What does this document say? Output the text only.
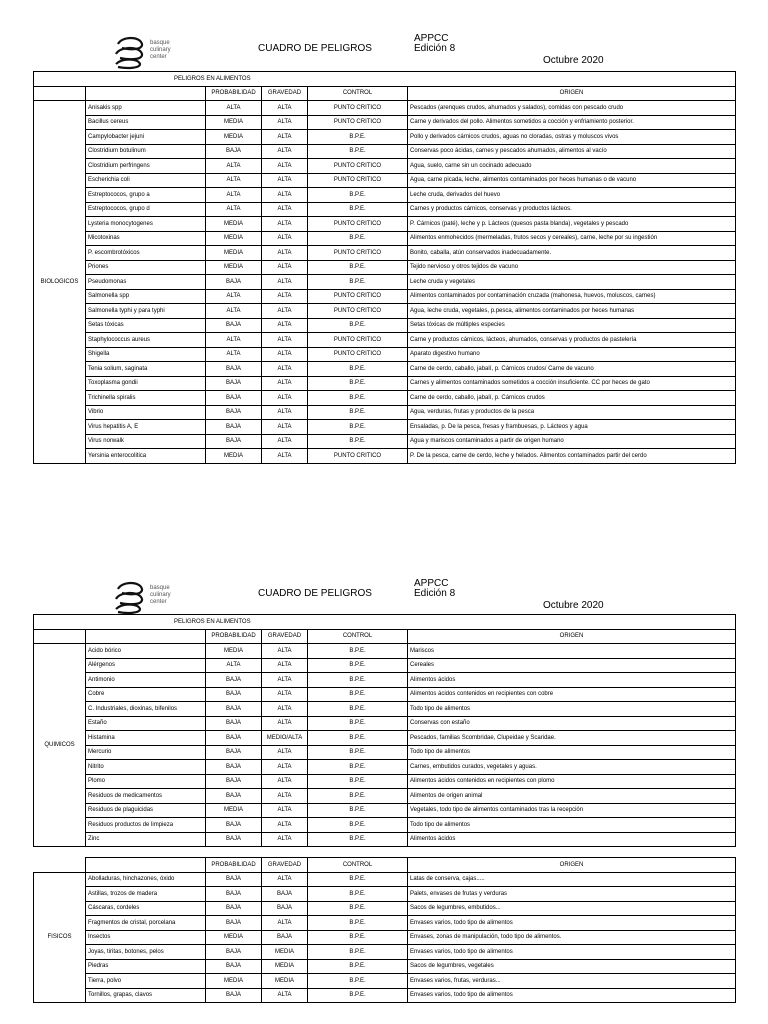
basque
culinary
center
CUADRO DE PELIGROS
APPCC
Edición 8
Octubre 2020
PELIGROS EN ALIMENTOS					
		PROBABILIDAD	GRAVEDAD	CONTROL	ORIGEN
BIOLOGICOS	Anisakis spp	ALTA	ALTA	PUNTO CRITICO	Pescados (arenques crudos, ahumados y salados), comidas con pescado crudo
	Bacillus cereus	MEDIA	ALTA	PUNTO CRITICO	Carne y derivados del pollo. Alimentos sometidos a cocción y enfriamiento posterior.
	Campylobacter jejuni	MEDIA	ALTA	B.P.E.	Pollo y derivados cárnicos crudos, aguas no cloradas, ostras y moluscos vivos
	Clostridium botulinum	BAJA	ALTA	B.P.E.	Conservas poco ácidas, carnes y pescados ahumados, alimentos al vacío
	Clostridium perfringens	ALTA	ALTA	PUNTO CRITICO	Agua, suelo, carne sin un cocinado adecuado
	Escherichia coli	ALTA	ALTA	PUNTO CRITICO	Agua, carne picada, leche, alimentos contaminados por heces humanas o de vacuno
	Estreptococos, grupo a	ALTA	ALTA	B.P.E.	Leche cruda, derivados del huevo
	Estreptococos, grupo d	ALTA	ALTA	B.P.E.	Carnes y productos cárnicos, conservas y productos lácteos.
	Lysteria monocytogenes	MEDIA	ALTA	PUNTO CRITICO	P. Cárnicos (paté), leche y p. Lácteos (quesos pasta blanda), vegetales y pescado
	Micotoxinas	MEDIA	ALTA	B.P.E.	Alimentos enmohecidos (mermeladas, frutos secos y cereales), carne, leche por su ingestión
	P. escombrotóxicos	MEDIA	ALTA	PUNTO CRITICO	Bonito, caballa, atún conservados inadecuadamente.
	Priones	MEDIA	ALTA	B.P.E.	Tejido nervioso y otros tejidos de vacuno
	Pseudomonas	BAJA	ALTA	B.P.E.	Leche cruda y vegetales
	Salmonella spp	ALTA	ALTA	PUNTO CRITICO	Alimentos contaminados por contaminación cruzada (mahonesa, huevos, moluscos, carnes)
	Salmonella typhi y para typhi	ALTA	ALTA	PUNTO CRITICO	Agua, leche cruda, vegetales, p.pesca, alimentos contaminados por heces humanas
	Setas tóxicas	BAJA	ALTA	B.P.E.	Setas tóxicas de múltiples especies
	Staphylococcus aureus	ALTA	ALTA	PUNTO CRITICO	Carne y productos cárnicos, lácteos, ahumados, conservas y productos de pastelería
	Shigella	ALTA	ALTA	PUNTO CRITICO	Aparato digestivo humano
	Tenia solium, saginata	BAJA	ALTA	B.P.E.	Carne de cerdo, caballo, jabalí, p. Cárnicos crudos/ Carne de vacuno
	Toxoplasma gondii	BAJA	ALTA	B.P.E.	Carnes y alimentos contaminados sometidos a cocción insuficiente. CC por heces de gato
	Trichinella spiralis	BAJA	ALTA	B.P.E.	Carne de cerdo, caballo, jabalí, p. Cárnicos crudos
	Vibrio	BAJA	ALTA	B.P.E.	Agua, verduras, frutas y productos de la pesca
	Virus hepatitis A, E	BAJA	ALTA	B.P.E.	Ensaladas, p. De la pesca, fresas y frambuesas, p. Lácteos y agua
	Virus norwalk	BAJA	ALTA	B.P.E.	Agua y mariscos contaminados a partir de origen humano
	Yersinia enterocolitica	MEDIA	ALTA	PUNTO CRITICO	P. De la pesca, carne de cerdo, leche y helados. Alimentos contaminados partir del cerdo
basque
culinary
center
CUADRO DE PELIGROS
APPCC
Edición 8
Octubre 2020
PELIGROS EN ALIMENTOS					
		PROBABILIDAD	GRAVEDAD	CONTROL	ORIGEN
QUIMICOS	Acido bórico	MEDIA	ALTA	B.P.E.	Mariscos
	Alérgenos	ALTA	ALTA	B.P.E.	Cereales
	Antimonio	BAJA	ALTA	B.P.E.	Alimentos ácidos
	Cobre	BAJA	ALTA	B.P.E.	Alimentos ácidos contenidos en recipientes con cobre
	C. Industriales, dioxinas, bifenilos	BAJA	ALTA	B.P.E.	Todo tipo de alimentos
	Estaño	BAJA	ALTA	B.P.E.	Conservas con estaño
	Histamina	BAJA	MEDIO/ALTA	B.P.E.	Pescados, familias Scombridae, Clupeidae y Scaridae.
	Mercurio	BAJA	ALTA	B.P.E.	Todo tipo de alimentos
	Nitrito	BAJA	ALTA	B.P.E.	Carnes, embutidos curados, vegetales y aguas.
	Plomo	BAJA	ALTA	B.P.E.	Alimentos ácidos contenidos en recipientes con plomo
	Residuos de medicamentos	BAJA	ALTA	B.P.E.	Alimentos de origen animal
	Residuos de plaguicidas	MEDIA	ALTA	B.P.E.	Vegetales, todo tipo de alimentos contaminados tras la recepción
	Residuos productos de limpieza	BAJA	ALTA	B.P.E.	Todo tipo de alimentos
	Zinc	BAJA	ALTA	B.P.E.	Alimentos ácidos
		PROBABILIDAD	GRAVEDAD	CONTROL	ORIGEN
FISICOS	Abolladuras, hinchazones, óxido	BAJA	ALTA	B.P.E.	Latas de conserva, cajas.....
	Astillas, trozos de madera	BAJA	BAJA	B.P.E.	Palets, envases de frutas y verduras
	Cáscaras, cordeles	BAJA	BAJA	B.P.E.	Sacos de legumbres, embutidos...
	Fragmentos de cristal, porcelana	BAJA	ALTA	B.P.E.	Envases varios, todo tipo de alimentos
	Insectos	MEDIA	BAJA	B.P.E.	Envases, zonas de manipulación, todo tipo de alimentos.
	Joyas, tiritas, botones, pelos	BAJA	MEDIA	B.P.E.	Envases varios, todo tipo de alimentos
	Piedras	BAJA	MEDIA	B.P.E.	Sacos de legumbres, vegetales
	Tierra, polvo	MEDIA	MEDIA	B.P.E.	Envases varios, frutas, verduras...
	Tornillos, grapas, clavos	BAJA	ALTA	B.P.E.	Envases varios, todo tipo de alimentos
